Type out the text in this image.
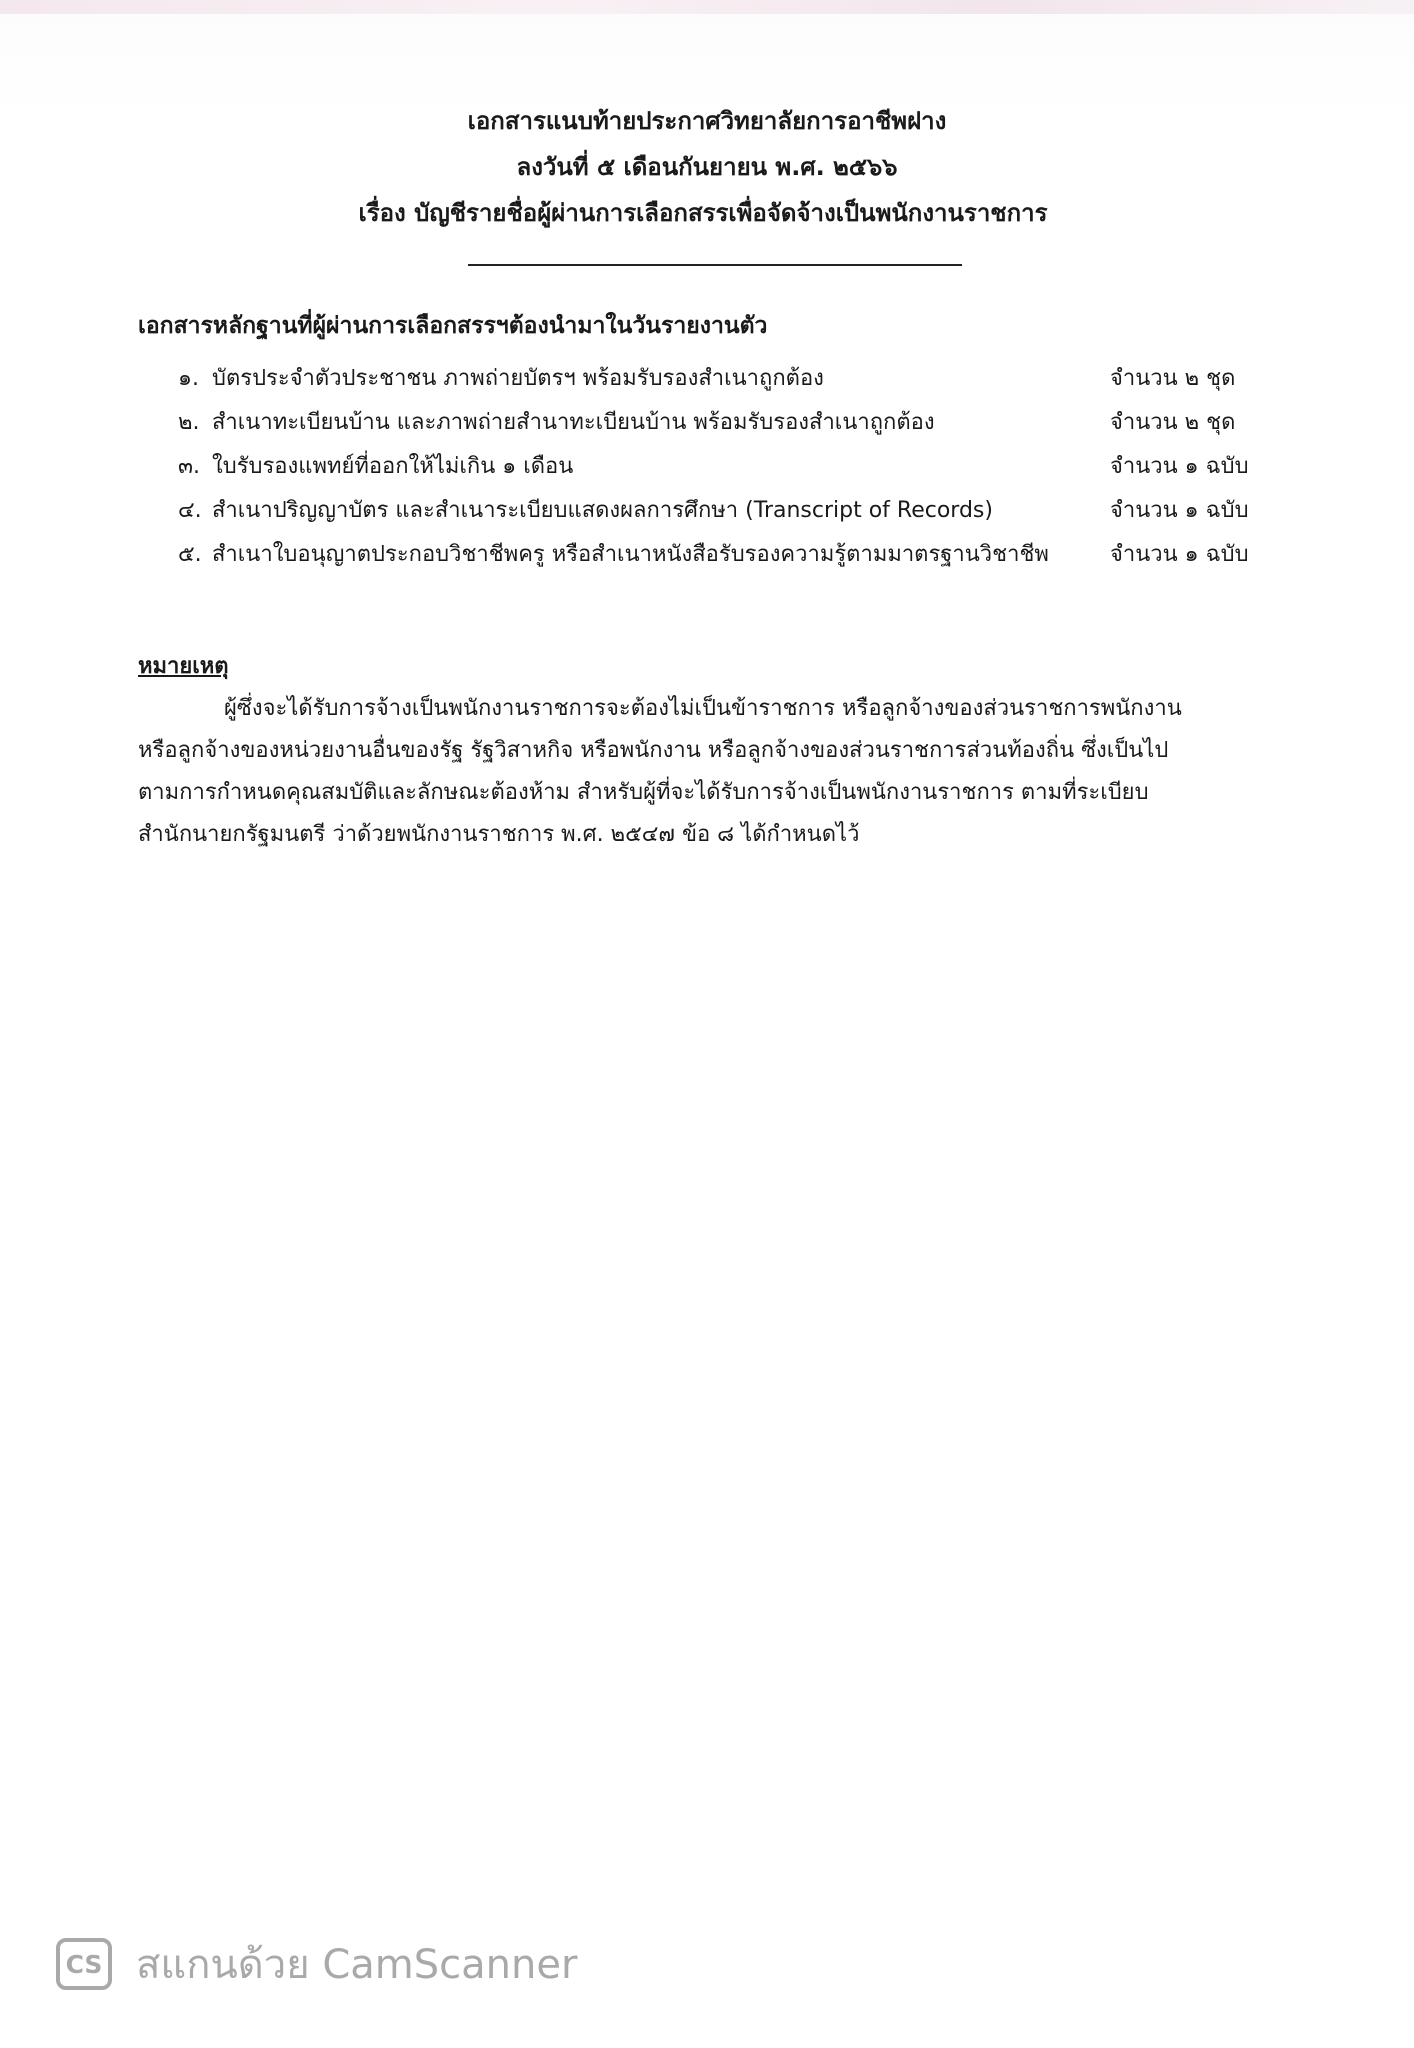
เอกสารแนบท้ายประกาศวิทยาลัยการอาชีพฝาง
ลงวันที่ ๕ เดือนกันยายน พ.ศ. ๒๕๖๖
เรื่อง บัญชีรายชื่อผู้ผ่านการเลือกสรรเพื่อจัดจ้างเป็นพนักงานราชการ
เอกสารหลักฐานที่ผู้ผ่านการเลือกสรรฯต้องนำมาในวันรายงานตัว
๑. บัตรประจำตัวประชาชน ภาพถ่ายบัตรฯ พร้อมรับรองสำเนาถูกต้อง	จำนวน ๒ ชุด
๒. สำเนาทะเบียนบ้าน และภาพถ่ายสำนาทะเบียนบ้าน พร้อมรับรองสำเนาถูกต้อง	จำนวน ๒ ชุด
๓. ใบรับรองแพทย์ที่ออกให้ไม่เกิน ๑ เดือน	จำนวน ๑ ฉบับ
๔. สำเนาปริญญาบัตร และสำเนาระเบียบแสดงผลการศึกษา (Transcript of Records)	จำนวน ๑ ฉบับ
๕. สำเนาใบอนุญาตประกอบวิชาชีพครู หรือสำเนาหนังสือรับรองความรู้ตามมาตรฐานวิชาชีพ	จำนวน ๑ ฉบับ
หมายเหตุ
ผู้ซึ่งจะได้รับการจ้างเป็นพนักงานราชการจะต้องไม่เป็นข้าราชการ หรือลูกจ้างของส่วนราชการพนักงาน
หรือลูกจ้างของหน่วยงานอื่นของรัฐ รัฐวิสาหกิจ หรือพนักงาน หรือลูกจ้างของส่วนราชการส่วนท้องถิ่น ซึ่งเป็นไป
ตามการกำหนดคุณสมบัติและลักษณะต้องห้าม สำหรับผู้ที่จะได้รับการจ้างเป็นพนักงานราชการ ตามที่ระเบียบ
สำนักนายกรัฐมนตรี ว่าด้วยพนักงานราชการ พ.ศ. ๒๕๔๗ ข้อ ๘ ได้กำหนดไว้
CS สแกนด้วย CamScanner
